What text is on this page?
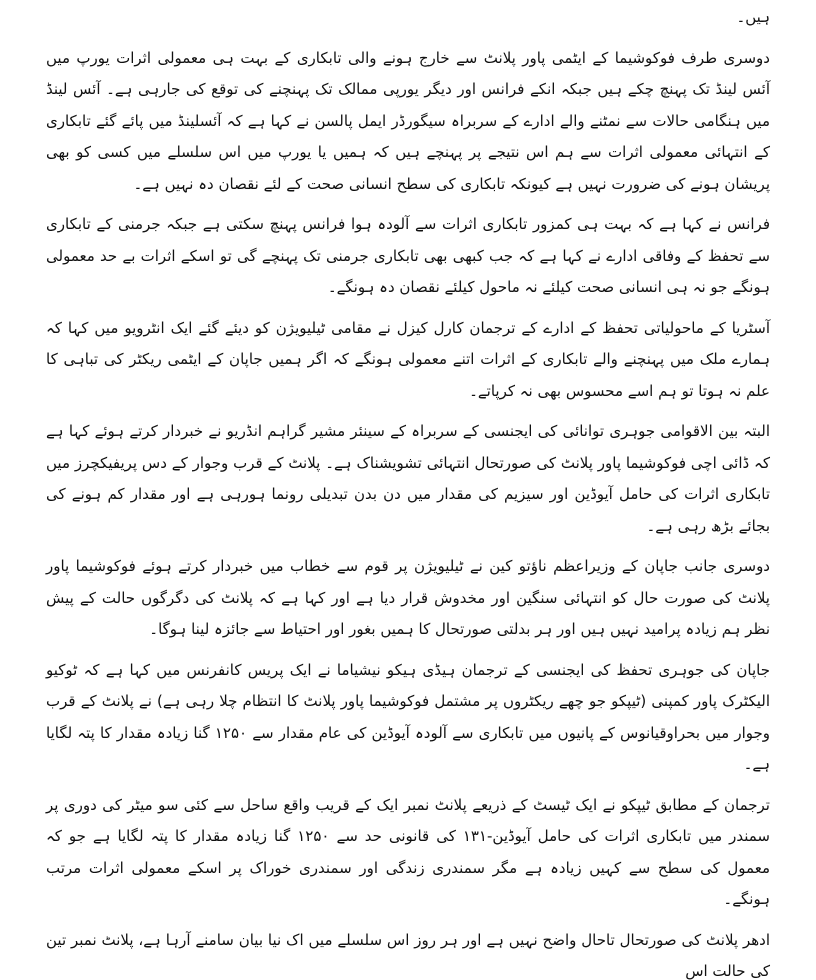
ہیں۔

دوسری طرف فوکوشیما کے ایٹمی پاور پلانٹ سے خارج ہونے والی تابکاری کے بہت ہی معمولی اثرات یورپ میں آئس لینڈ تک پہنچ چکے ہیں جبکہ انکے فرانس اور دیگر یورپی ممالک تک پہنچنے کی توقع کی جارہی ہے۔ آئس لینڈ میں ہنگامی حالات سے نمٹنے والے ادارے کے سربراہ سیگورڈر ایمل پالسن نے کہا ہے کہ آئسلینڈ میں پائے گئے تابکاری کے انتہائی معمولی اثرات سے ہم اس نتیجے پر پہنچے ہیں کہ ہمیں یا یورپ میں اس سلسلے میں کسی کو بھی پریشان ہونے کی ضرورت نہیں ہے کیونکہ تابکاری کی سطح انسانی صحت کے لئے نقصان دہ نہیں ہے۔

فرانس نے کہا ہے کہ بہت ہی کمزور تابکاری اثرات سے آلودہ ہوا فرانس پہنچ سکتی ہے جبکہ جرمنی کے تابکاری سے تحفظ کے وفاقی ادارے نے کہا ہے کہ جب کبھی بھی تابکاری جرمنی تک پہنچے گی تو اسکے اثرات بے حد معمولی ہونگے جو نہ ہی انسانی صحت کیلئے نہ ماحول کیلئے نقصان دہ ہونگے۔

آسٹریا کے ماحولیاتی تحفظ کے ادارے کے ترجمان کارل کیزل نے مقامی ٹیلیویژن کو دیئے گئے ایک انٹرویو میں کہا کہ ہمارے ملک میں پہنچنے والے تابکاری کے اثرات اتنے معمولی ہونگے کہ اگر ہمیں جاپان کے ایٹمی ریکٹر کی تباہی کا علم نہ ہوتا تو ہم اسے محسوس بھی نہ کرپاتے۔

البتہ بین الاقوامی جوہری توانائی کی ایجنسی کے سربراہ کے سینئر مشیر گراہم انڈریو نے خبردار کرتے ہوئے کہا ہے کہ ڈائی اچی فوکوشیما پاور پلانٹ کی صورتحال انتہائی تشویشناک ہے۔ پلانٹ کے قرب وجوار کے دس پریفیکچرز میں تابکاری اثرات کی حامل آیوڈین اور سیزیم کی مقدار میں دن بدن تبدیلی رونما ہورہی ہے اور مقدار کم ہونے کی بجائے بڑھ رہی ہے۔

دوسری جانب جاپان کے وزیراعظم ناؤتو کین نے ٹیلیویژن پر قوم سے خطاب میں خبردار کرتے ہوئے فوکوشیما پاور پلانٹ کی صورت حال کو انتہائی سنگین اور مخدوش قرار دیا ہے اور کہا ہے کہ پلانٹ کی دگرگوں حالت کے پیش نظر ہم زیادہ پرامید نہیں ہیں اور ہر بدلتی صورتحال کا ہمیں بغور اور احتیاط سے جائزہ لینا ہوگا۔

جاپان کی جوہری تحفظ کی ایجنسی کے ترجمان ہیڈی ہیکو نیشیاما نے ایک پریس کانفرنس میں کہا ہے کہ ٹوکیو الیکٹرک پاور کمپنی (ٹیپکو جو چھے ریکٹروں پر مشتمل فوکوشیما پاور پلانٹ کا انتظام چلا رہی ہے) نے پلانٹ کے قرب وجوار میں بحراوقیانوس کے پانیوں میں تابکاری سے آلودہ آیوڈین کی عام مقدار سے ۱۲۵۰ گنا زیادہ مقدار کا پتہ لگایا ہے۔

ترجمان کے مطابق ٹیپکو نے ایک ٹیسٹ کے ذریعے پلانٹ نمبر ایک کے قریب واقع ساحل سے کئی سو میٹر کی دوری پر سمندر میں تابکاری اثرات کی حامل آیوڈین-۱۳۱ کی قانونی حد سے ۱۲۵۰ گنا زیادہ مقدار کا پتہ لگایا ہے جو کہ معمول کی سطح سے کہیں زیادہ ہے مگر سمندری زندگی اور سمندری خوراک پر اسکے معمولی اثرات مرتب ہونگے۔

ادھر پلانٹ کی صورتحال تاحال واضح نہیں ہے اور ہر روز اس سلسلے میں اک نیا بیان سامنے آرہا ہے، پلانٹ نمبر تین کی حالت اس
